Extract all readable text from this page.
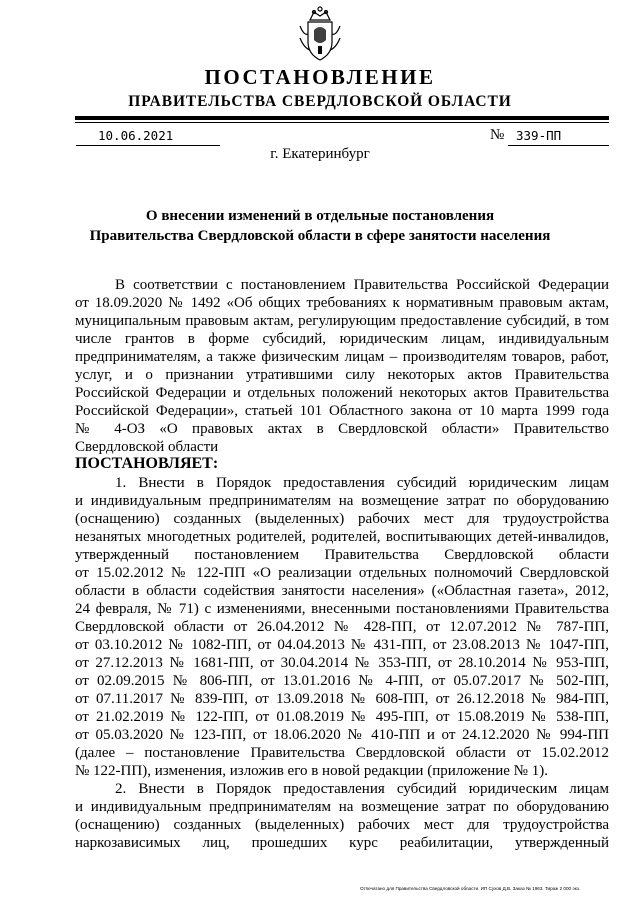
ПОСТАНОВЛЕНИЕ
ПРАВИТЕЛЬСТВА СВЕРДЛОВСКОЙ ОБЛАСТИ
10.06.2021	№ 339-ПП
г. Екатеринбург
О внесении изменений в отдельные постановления
Правительства Свердловской области в сфере занятости населения
В соответствии с постановлением Правительства Российской Федерации
от 18.09.2020 № 1492 «Об общих требованиях к нормативным правовым актам,
муниципальным правовым актам, регулирующим предоставление субсидий, в том
числе грантов в форме субсидий, юридическим лицам, индивидуальным
предпринимателям, а также физическим лицам – производителям товаров, работ,
услуг, и о признании утратившими силу некоторых актов Правительства
Российской Федерации и отдельных положений некоторых актов Правительства
Российской Федерации», статьей 101 Областного закона от 10 марта 1999 года
№ 4-ОЗ «О правовых актах в Свердловской области» Правительство
Свердловской области
ПОСТАНОВЛЯЕТ:
1. Внести в Порядок предоставления субсидий юридическим лицам
и индивидуальным предпринимателям на возмещение затрат по оборудованию
(оснащению) созданных (выделенных) рабочих мест для трудоустройства
незанятых многодетных родителей, родителей, воспитывающих детей-инвалидов,
утвержденный постановлением Правительства Свердловской области
от 15.02.2012 № 122-ПП «О реализации отдельных полномочий Свердловской
области в области содействия занятости населения» («Областная газета», 2012,
24 февраля, № 71) с изменениями, внесенными постановлениями Правительства
Свердловской области от 26.04.2012 № 428-ПП, от 12.07.2012 № 787-ПП,
от 03.10.2012 № 1082-ПП, от 04.04.2013 № 431-ПП, от 23.08.2013 № 1047-ПП,
от 27.12.2013 № 1681-ПП, от 30.04.2014 № 353-ПП, от 28.10.2014 № 953-ПП,
от 02.09.2015 № 806-ПП, от 13.01.2016 № 4-ПП, от 05.07.2017 № 502-ПП,
от 07.11.2017 № 839-ПП, от 13.09.2018 № 608-ПП, от 26.12.2018 № 984-ПП,
от 21.02.2019 № 122-ПП, от 01.08.2019 № 495-ПП, от 15.08.2019 № 538-ПП,
от 05.03.2020 № 123-ПП, от 18.06.2020 № 410-ПП и от 24.12.2020 № 994-ПП
(далее – постановление Правительства Свердловской области от 15.02.2012
№ 122-ПП), изменения, изложив его в новой редакции (приложение № 1).
2. Внести в Порядок предоставления субсидий юридическим лицам
и индивидуальным предпринимателям на возмещение затрат по оборудованию
(оснащению) созданных (выделенных) рабочих мест для трудоустройства
наркозависимых лиц, прошедших курс реабилитации, утвержденный
Отпечатано для Правительства Свердловской области. ИП Сухов Д.В. Заказ № 1963. Тираж 2 000 экз.
